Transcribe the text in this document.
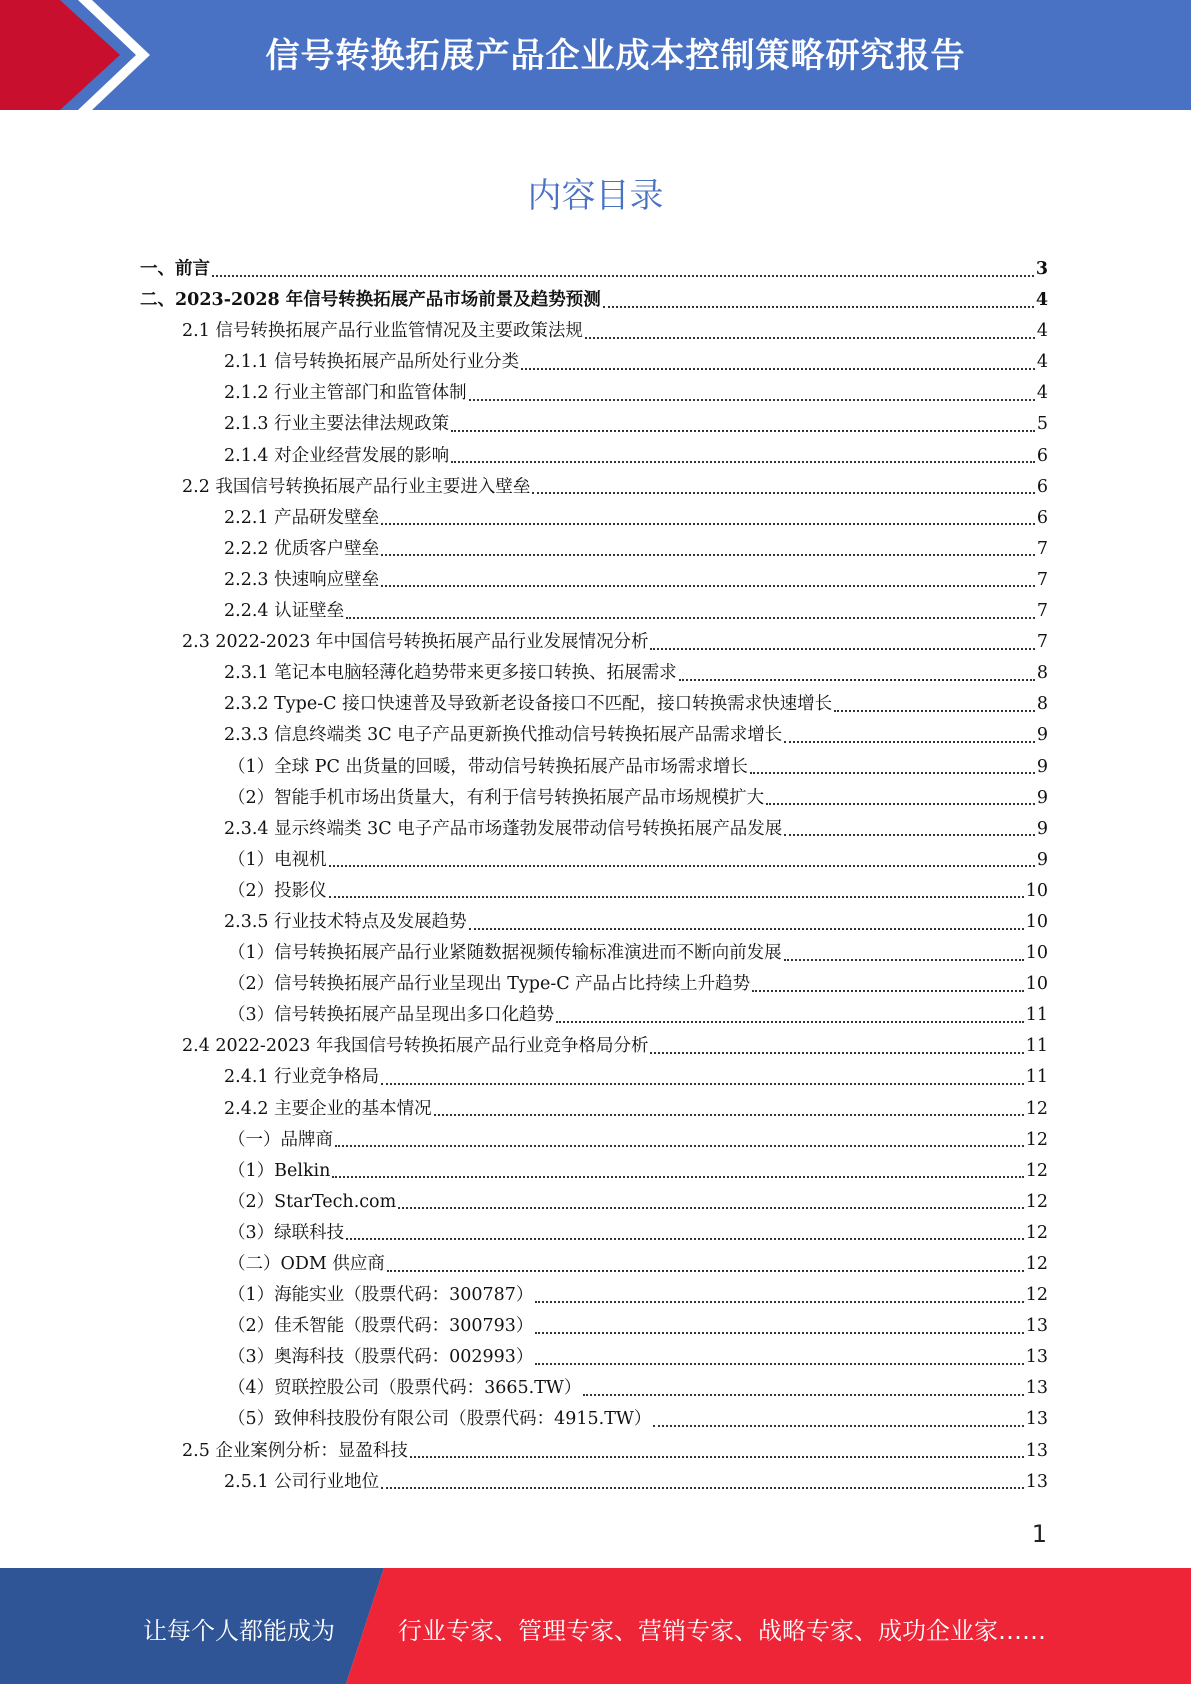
信号转换拓展产品企业成本控制策略研究报告
内容目录
一、前言	3
二、2023-2028 年信号转换拓展产品市场前景及趋势预测	4
2.1 信号转换拓展产品行业监管情况及主要政策法规	4
2.1.1 信号转换拓展产品所处行业分类	4
2.1.2 行业主管部门和监管体制	4
2.1.3 行业主要法律法规政策	5
2.1.4 对企业经营发展的影响	6
2.2 我国信号转换拓展产品行业主要进入壁垒	6
2.2.1 产品研发壁垒	6
2.2.2 优质客户壁垒	7
2.2.3 快速响应壁垒	7
2.2.4 认证壁垒	7
2.3 2022-2023 年中国信号转换拓展产品行业发展情况分析	7
2.3.1 笔记本电脑轻薄化趋势带来更多接口转换、拓展需求	8
2.3.2 Type-C 接口快速普及导致新老设备接口不匹配，接口转换需求快速增长	8
2.3.3 信息终端类 3C 电子产品更新换代推动信号转换拓展产品需求增长	9
（1）全球 PC 出货量的回暖，带动信号转换拓展产品市场需求增长	9
（2）智能手机市场出货量大，有利于信号转换拓展产品市场规模扩大	9
2.3.4 显示终端类 3C 电子产品市场蓬勃发展带动信号转换拓展产品发展	9
（1）电视机	9
（2）投影仪	10
2.3.5 行业技术特点及发展趋势	10
（1）信号转换拓展产品行业紧随数据视频传输标准演进而不断向前发展	10
（2）信号转换拓展产品行业呈现出 Type-C 产品占比持续上升趋势	10
（3）信号转换拓展产品呈现出多口化趋势	11
2.4 2022-2023 年我国信号转换拓展产品行业竞争格局分析	11
2.4.1 行业竞争格局	11
2.4.2 主要企业的基本情况	12
（一）品牌商	12
（1）Belkin	12
（2）StarTech.com	12
（3）绿联科技	12
（二）ODM 供应商	12
（1）海能实业（股票代码：300787）	12
（2）佳禾智能（股票代码：300793）	13
（3）奥海科技（股票代码：002993）	13
（4）贸联控股公司（股票代码：3665.TW）	13
（5）致伸科技股份有限公司（股票代码：4915.TW）	13
2.5 企业案例分析：显盈科技	13
2.5.1 公司行业地位	13
1
让每个人都能成为	行业专家、管理专家、营销专家、战略专家、成功企业家……
